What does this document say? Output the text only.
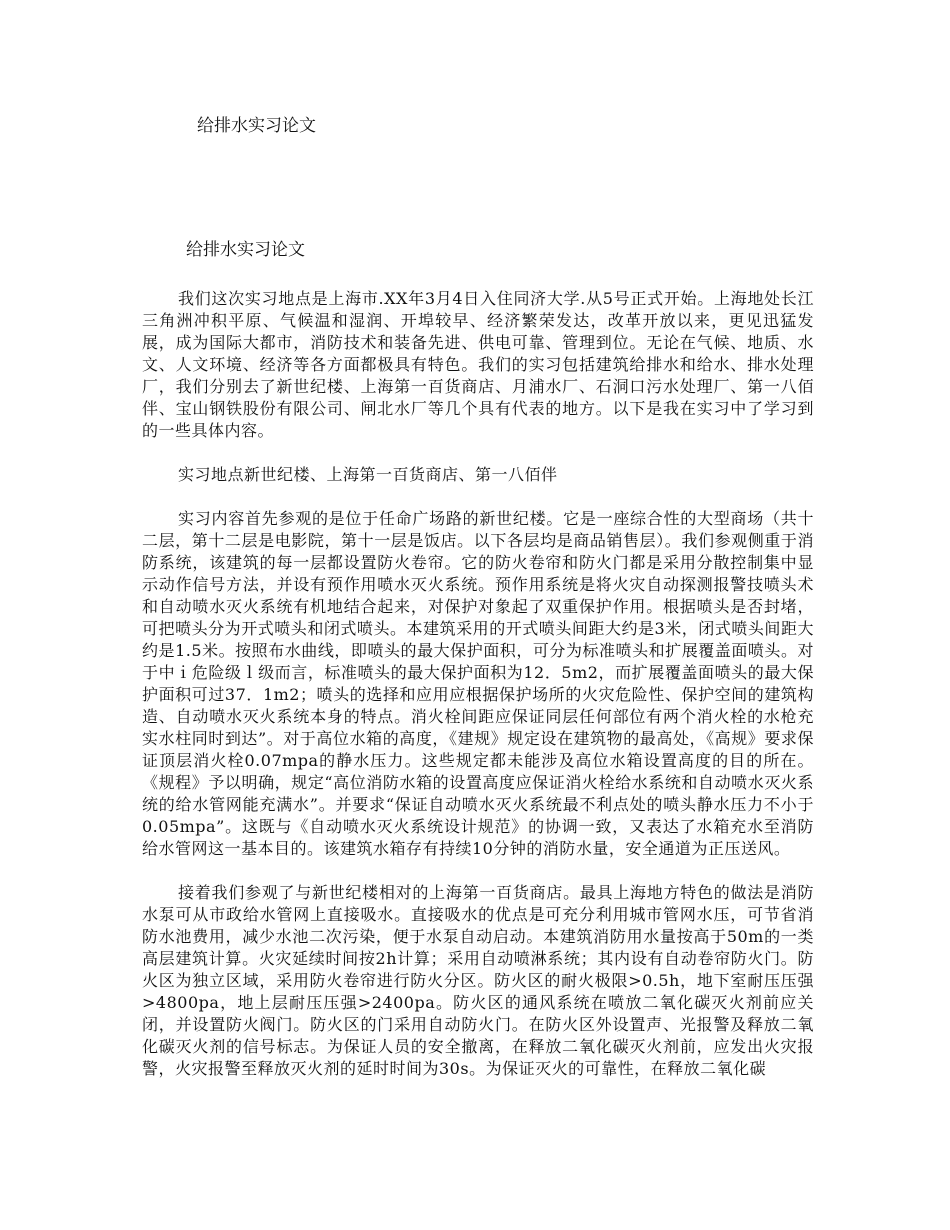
给排水实习论文
给排水实习论文

我们这次实习地点是上海市.XX年3月4日入住同济大学.从5号正式开始。上海地处长江三角洲冲积平原、气候温和湿润、开埠较早、经济繁荣发达，改革开放以来，更见迅猛发展，成为国际大都市，消防技术和装备先进、供电可靠、管理到位。无论在气候、地质、水文、人文环境、经济等各方面都极具有特色。我们的实习包括建筑给排水和给水、排水处理厂，我们分别去了新世纪楼、上海第一百货商店、月浦水厂、石洞口污水处理厂、第一八佰伴、宝山钢铁股份有限公司、闸北水厂等几个具有代表的地方。以下是我在实习中了学习到的一些具体内容。

实习地点新世纪楼、上海第一百货商店、第一八佰伴

实习内容首先参观的是位于任命广场路的新世纪楼。它是一座综合性的大型商场（共十二层，第十二层是电影院，第十一层是饭店。以下各层均是商品销售层）。我们参观侧重于消防系统，该建筑的每一层都设置防火卷帘。它的防火卷帘和防火门都是采用分散控制集中显示动作信号方法，并设有预作用喷水灭火系统。预作用系统是将火灾自动探测报警技喷头术和自动喷水灭火系统有机地结合起来，对保护对象起了双重保护作用。根据喷头是否封堵，可把喷头分为开式喷头和闭式喷头。本建筑采用的开式喷头间距大约是3米，闭式喷头间距大约是1.5米。按照布水曲线，即喷头的最大保护面积，可分为标准喷头和扩展覆盖面喷头。对于中ｉ危险级ｌ级而言，标准喷头的最大保护面积为12．5m2，而扩展覆盖面喷头的最大保护面积可过37．1m2；喷头的选择和应用应根据保护场所的火灾危险性、保护空间的建筑构造、自动喷水灭火系统本身的特点。消火栓间距应保证同层任何部位有两个消火栓的水枪充实水柱同时到达”。对于高位水箱的高度，《建规》规定设在建筑物的最高处，《高规》要求保证顶层消火栓0.07mpa的静水压力。这些规定都未能涉及高位水箱设置高度的目的所在。《规程》予以明确，规定“高位消防水箱的设置高度应保证消火栓给水系统和自动喷水灭火系统的给水管网能充满水”。并要求“保证自动喷水灭火系统最不利点处的喷头静水压力不小于0.05mpa”。这既与《自动喷水灭火系统设计规范》的协调一致，又表达了水箱充水至消防给水管网这一基本目的。该建筑水箱存有持续10分钟的消防水量，安全通道为正压送风。

接着我们参观了与新世纪楼相对的上海第一百货商店。最具上海地方特色的做法是消防水泵可从市政给水管网上直接吸水。直接吸水的优点是可充分利用城市管网水压，可节省消防水池费用，减少水池二次污染，便于水泵自动启动。本建筑消防用水量按高于50m的一类高层建筑计算。火灾延续时间按2h计算；采用自动喷淋系统；其内设有自动卷帘防火门。防火区为独立区域，采用防火卷帘进行防火分区。防火区的耐火极限>0.5h，地下室耐压压强>4800pa，地上层耐压压强>2400pa。防火区的通风系统在喷放二氧化碳灭火剂前应关闭，并设置防火阀门。防火区的门采用自动防火门。在防火区外设置声、光报警及释放二氧化碳灭火剂的信号标志。为保证人员的安全撤离，在释放二氧化碳灭火剂前，应发出火灾报警，火灾报警至释放灭火剂的延时时间为30s。为保证灭火的可靠性，在释放二氧化碳
